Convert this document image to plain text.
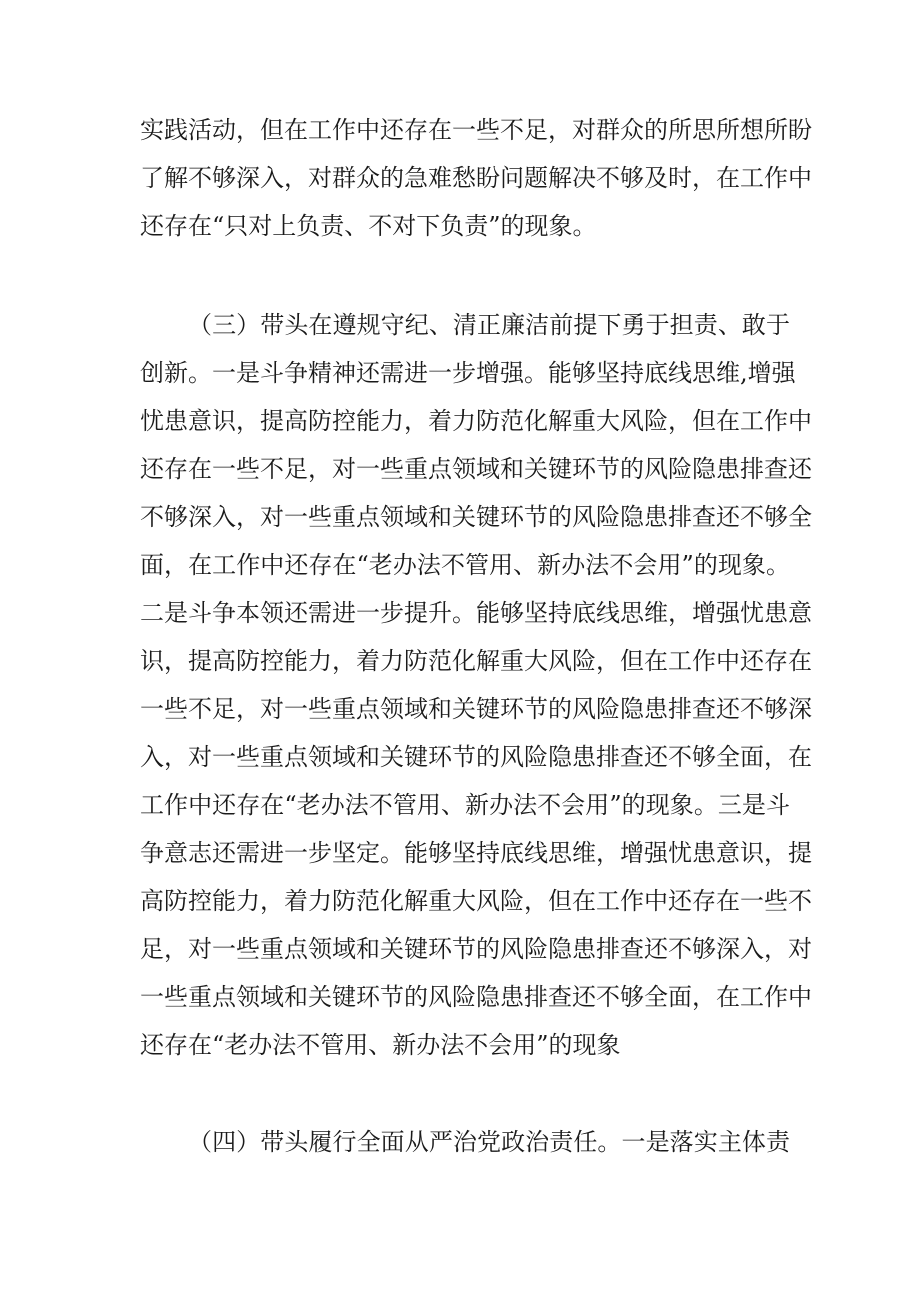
实践活动，但在工作中还存在一些不足，对群众的所思所想所盼
了解不够深入，对群众的急难愁盼问题解决不够及时，在工作中
还存在“只对上负责、不对下负责”的现象。
（三）带头在遵规守纪、清正廉洁前提下勇于担责、敢于
创新。一是斗争精神还需进一步增强。能够坚持底线思维,增强
忧患意识，提高防控能力，着力防范化解重大风险，但在工作中
还存在一些不足，对一些重点领域和关键环节的风险隐患排查还
不够深入，对一些重点领域和关键环节的风险隐患排查还不够全
面，在工作中还存在“老办法不管用、新办法不会用”的现象。
二是斗争本领还需进一步提升。能够坚持底线思维，增强忧患意
识，提高防控能力，着力防范化解重大风险，但在工作中还存在
一些不足，对一些重点领域和关键环节的风险隐患排查还不够深
入，对一些重点领域和关键环节的风险隐患排查还不够全面，在
工作中还存在“老办法不管用、新办法不会用”的现象。三是斗
争意志还需进一步坚定。能够坚持底线思维，增强忧患意识，提
高防控能力，着力防范化解重大风险，但在工作中还存在一些不
足，对一些重点领域和关键环节的风险隐患排查还不够深入，对
一些重点领域和关键环节的风险隐患排查还不够全面，在工作中
还存在“老办法不管用、新办法不会用”的现象
（四）带头履行全面从严治党政治责任。一是落实主体责
